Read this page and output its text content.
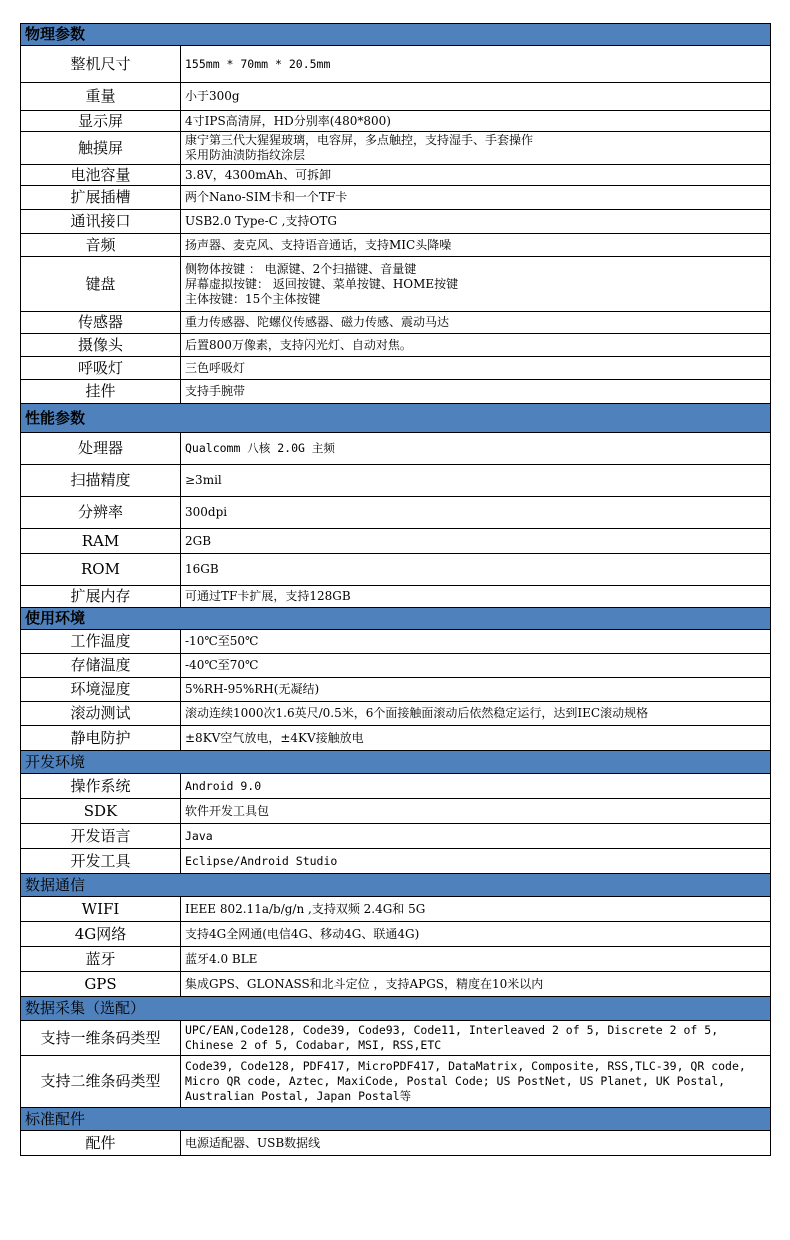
物理参数	
整机尺寸	155mm * 70mm * 20.5mm
重量	小于300g
显示屏	4寸IPS高清屏，HD分别率(480*800)
触摸屏	康宁第三代大猩猩玻璃，电容屏，多点触控，支持湿手、手套操作
采用防油渍防指纹涂层
电池容量	3.8V，4300mAh、可拆卸
扩展插槽	两个Nano-SIM卡和一个TF卡
通讯接口	USB2.0 Type-C ,支持OTG
音频	扬声器、麦克风、支持语音通话，支持MIC头降噪
键盘	侧物体按键 ： 电源键、2个扫描键、音量键
屏幕虚拟按键： 返回按键、菜单按键、HOME按键
主体按键：15个主体按键
传感器	重力传感器、陀螺仪传感器、磁力传感、震动马达
摄像头	后置800万像素，支持闪光灯、自动对焦。
呼吸灯	三色呼吸灯
挂件	支持手腕带
性能参数	
处理器	Qualcomm 八核 2.0G 主频
扫描精度	≥3mil
分辨率	300dpi
RAM	2GB
ROM	16GB
扩展内存	可通过TF卡扩展，支持128GB
使用环境	
工作温度	-10℃至50℃
存储温度	-40℃至70℃
环境湿度	5%RH-95%RH(无凝结)
滚动测试	滚动连续1000次1.6英尺/0.5米，6个面接触面滚动后依然稳定运行，达到IEC滚动规格
静电防护	±8KV空气放电，±4KV接触放电
开发环境	
操作系统	Android 9.0
SDK	软件开发工具包
开发语言	Java
开发工具	Eclipse/Android Studio
数据通信	
WIFI	IEEE 802.11a/b/g/n ,支持双频 2.4G和 5G
4G网络	支持4G全网通(电信4G、移动4G、联通4G)
蓝牙	蓝牙4.0 BLE
GPS	集成GPS、GLONASS和北斗定位 ，支持APGS，精度在10米以内
数据采集（选配）	
支持一维条码类型	UPC/EAN,Code128, Code39, Code93, Code11, Interleaved 2 of 5, Discrete 2 of 5, Chinese 2 of 5, Codabar, MSI, RSS,ETC
支持二维条码类型	Code39, Code128, PDF417, MicroPDF417, DataMatrix, Composite, RSS,TLC-39, QR code, Micro QR code, Aztec, MaxiCode, Postal Code; US PostNet, US Planet, UK Postal, Australian Postal, Japan Postal等
标准配件	
配件	电源适配器、USB数据线
